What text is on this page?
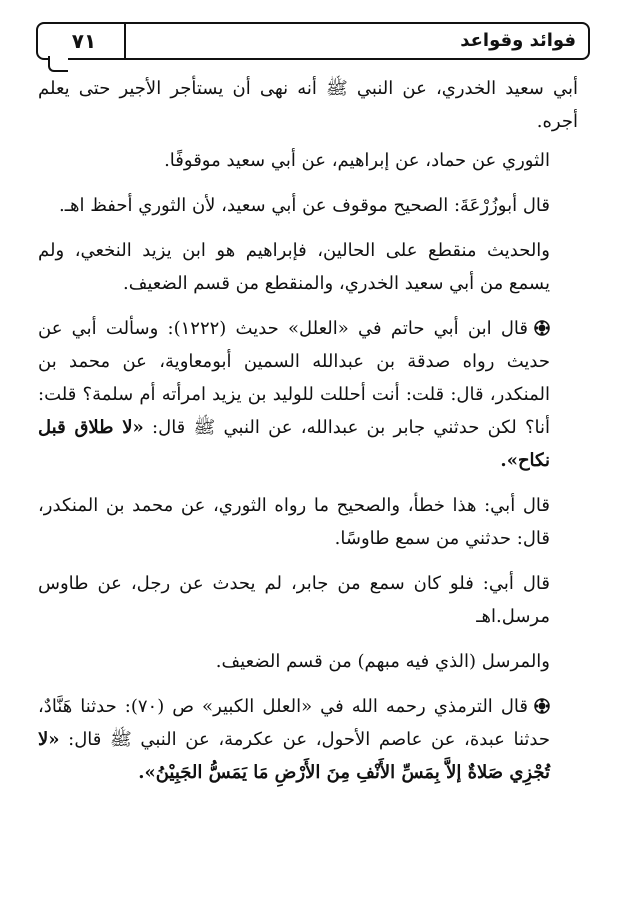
فوائد وقواعد
٧١

أبي سعيد الخدري، عن النبي ﷺ أنه نهى أن يستأجر الأجير حتى يعلم أجره.

الثوري عن حماد، عن إبراهيم، عن أبي سعيد موقوفًا.

قال أبوزُرْعَةَ: الصحيح موقوف عن أبي سعيد، لأن الثوري أحفظ اهـ.

والحديث منقطع على الحالين، فإبراهيم هو ابن يزيد النخعي، ولم يسمع من أبي سعيد الخدري، والمنقطع من قسم الضعيف.

قال ابن أبي حاتم في «العلل» حديث (١٢٢٢): وسألت أبي عن حديث رواه صدقة بن عبدالله السمين أبومعاوية، عن محمد بن المنكدر، قال: قلت: أنت أحللت للوليد بن يزيد امرأته أم سلمة؟ قلت: أنا؟ لكن حدثني جابر بن عبدالله، عن النبي ﷺ قال: «لا طلاق قبل نكاح».

قال أبي: هذا خطأ، والصحيح ما رواه الثوري، عن محمد بن المنكدر، قال: حدثني من سمع طاوسًا.

قال أبي: فلو كان سمع من جابر، لم يحدث عن رجل، عن طاوس مرسل.اهـ

والمرسل (الذي فيه مبهم) من قسم الضعيف.

قال الترمذي رحمه الله في «العلل الكبير» ص (٧٠): حدثنا هَنَّادٌ، حدثنا عبدة، عن عاصم الأحول، عن عكرمة، عن النبي ﷺ قال: «لا تُجْزِي صَلاةٌ إلاَّ بِمَسِّ الأَنْفِ مِنَ الأَرْضِ مَا يَمَسُّ الجَبِيْنُ».
